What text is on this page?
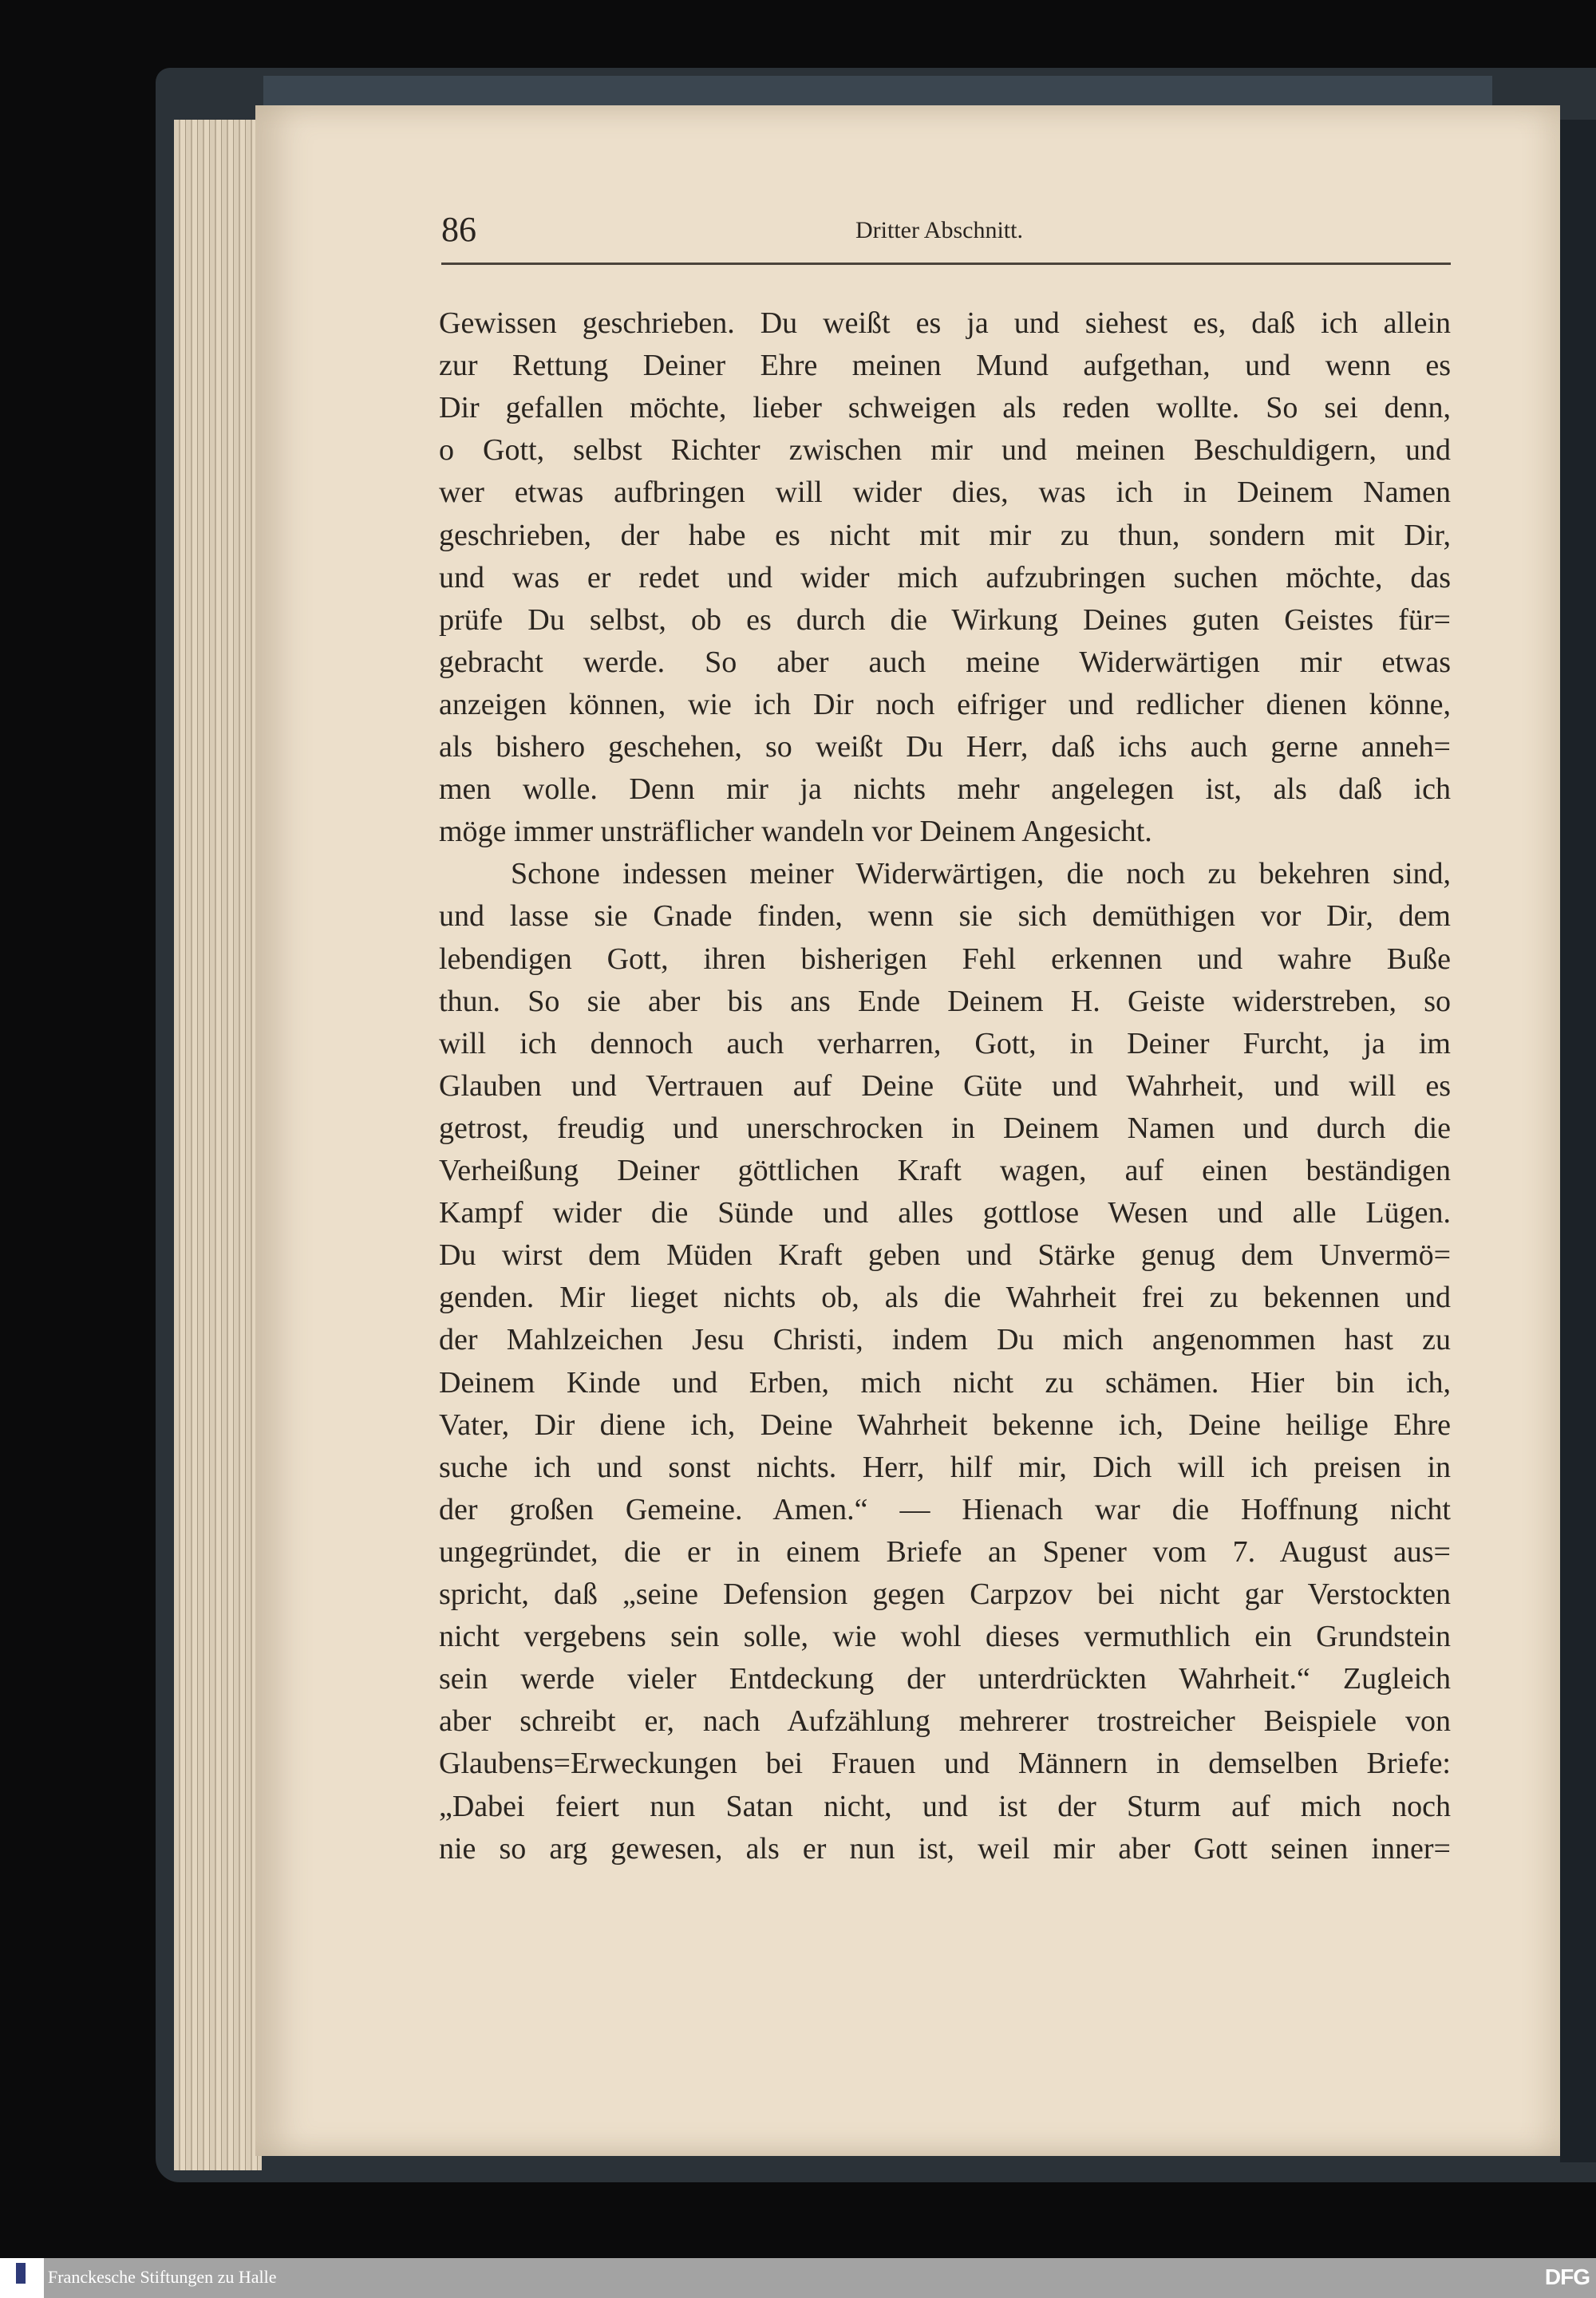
86	Dritter Abschnitt.
Gewissen geschrieben. Du weißt es ja und siehest es, daß ich allein
zur Rettung Deiner Ehre meinen Mund aufgethan, und wenn es
Dir gefallen möchte, lieber schweigen als reden wollte. So sei denn,
o Gott, selbst Richter zwischen mir und meinen Beschuldigern, und
wer etwas aufbringen will wider dies, was ich in Deinem Namen
geschrieben, der habe es nicht mit mir zu thun, sondern mit Dir,
und was er redet und wider mich aufzubringen suchen möchte, das
prüfe Du selbst, ob es durch die Wirkung Deines guten Geistes für=
gebracht werde. So aber auch meine Widerwärtigen mir etwas
anzeigen können, wie ich Dir noch eifriger und redlicher dienen könne,
als bishero geschehen, so weißt Du Herr, daß ichs auch gerne anneh=
men wolle. Denn mir ja nichts mehr angelegen ist, als daß ich
möge immer unsträflicher wandeln vor Deinem Angesicht.
Schone indessen meiner Widerwärtigen, die noch zu bekehren sind,
und lasse sie Gnade finden, wenn sie sich demüthigen vor Dir, dem
lebendigen Gott, ihren bisherigen Fehl erkennen und wahre Buße
thun. So sie aber bis ans Ende Deinem H. Geiste widerstreben, so
will ich dennoch auch verharren, Gott, in Deiner Furcht, ja im
Glauben und Vertrauen auf Deine Güte und Wahrheit, und will es
getrost, freudig und unerschrocken in Deinem Namen und durch die
Verheißung Deiner göttlichen Kraft wagen, auf einen beständigen
Kampf wider die Sünde und alles gottlose Wesen und alle Lügen.
Du wirst dem Müden Kraft geben und Stärke genug dem Unvermö=
genden. Mir lieget nichts ob, als die Wahrheit frei zu bekennen und
der Mahlzeichen Jesu Christi, indem Du mich angenommen hast zu
Deinem Kinde und Erben, mich nicht zu schämen. Hier bin ich,
Vater, Dir diene ich, Deine Wahrheit bekenne ich, Deine heilige Ehre
suche ich und sonst nichts. Herr, hilf mir, Dich will ich preisen in
der großen Gemeine. Amen.“ — Hienach war die Hoffnung nicht
ungegründet, die er in einem Briefe an Spener vom 7. August aus=
spricht, daß „seine Defension gegen Carpzov bei nicht gar Verstockten
nicht vergebens sein solle, wie wohl dieses vermuthlich ein Grundstein
sein werde vieler Entdeckung der unterdrückten Wahrheit.“ Zugleich
aber schreibt er, nach Aufzählung mehrerer trostreicher Beispiele von
Glaubens=Erweckungen bei Frauen und Männern in demselben Briefe:
„Dabei feiert nun Satan nicht, und ist der Sturm auf mich noch
nie so arg gewesen, als er nun ist, weil mir aber Gott seinen inner=
Franckesche Stiftungen zu Halle	DFG
